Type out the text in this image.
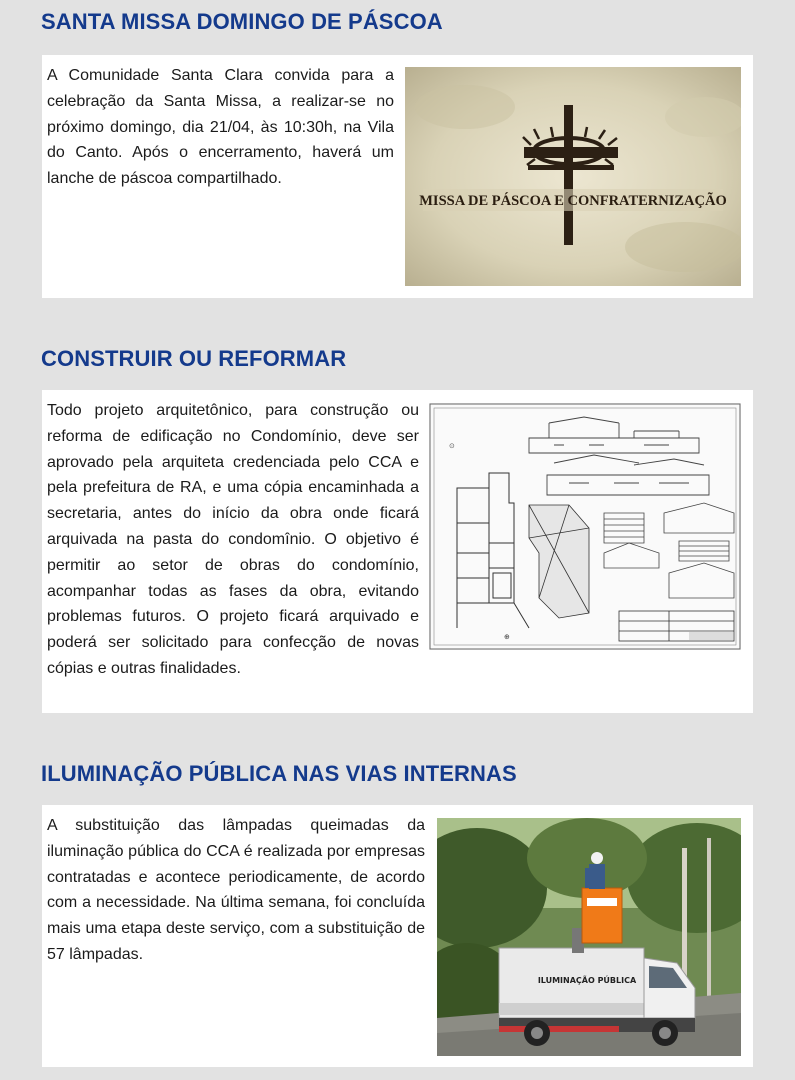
SANTA MISSA DOMINGO DE PÁSCOA

A Comunidade Santa Clara convida para a celebração da Santa Missa, a realizar-se no próximo domingo, dia 21/04, às 10:30h, na Vila do Canto. Após o encerramento, haverá um lanche de páscoa compartilhado.

MISSA DE PÁSCOA E CONFRATERNIZAÇÃO
CONSTRUIR OU REFORMAR

Todo projeto arquitetônico, para construção ou reforma de edificação no Condomínio, deve ser aprovado pela arquiteta credenciada pelo CCA e pela prefeitura de RA, e uma cópia encaminhada a secretaria, antes do início da obra onde ficará arquivada na pasta do condomînio. O objetivo é permitir ao setor de obras do condomínio, acompanhar todas as fases da obra, evitando problemas futuros. O projeto ficará arquivado e poderá ser solicitado para confecção de novas cópias e outras finalidades.

⊙
⊕
ILUMINAÇÃO PÚBLICA NAS VIAS INTERNAS

A substituição das lâmpadas queimadas da iluminação pública do CCA é realizada por empresas contratadas e acontece periodicamente, de acordo com a necessidade. Na última semana, foi concluída mais uma etapa deste serviço, com a substituição de 57 lâmpadas.

ILUMINAÇÃO PÚBLICA
